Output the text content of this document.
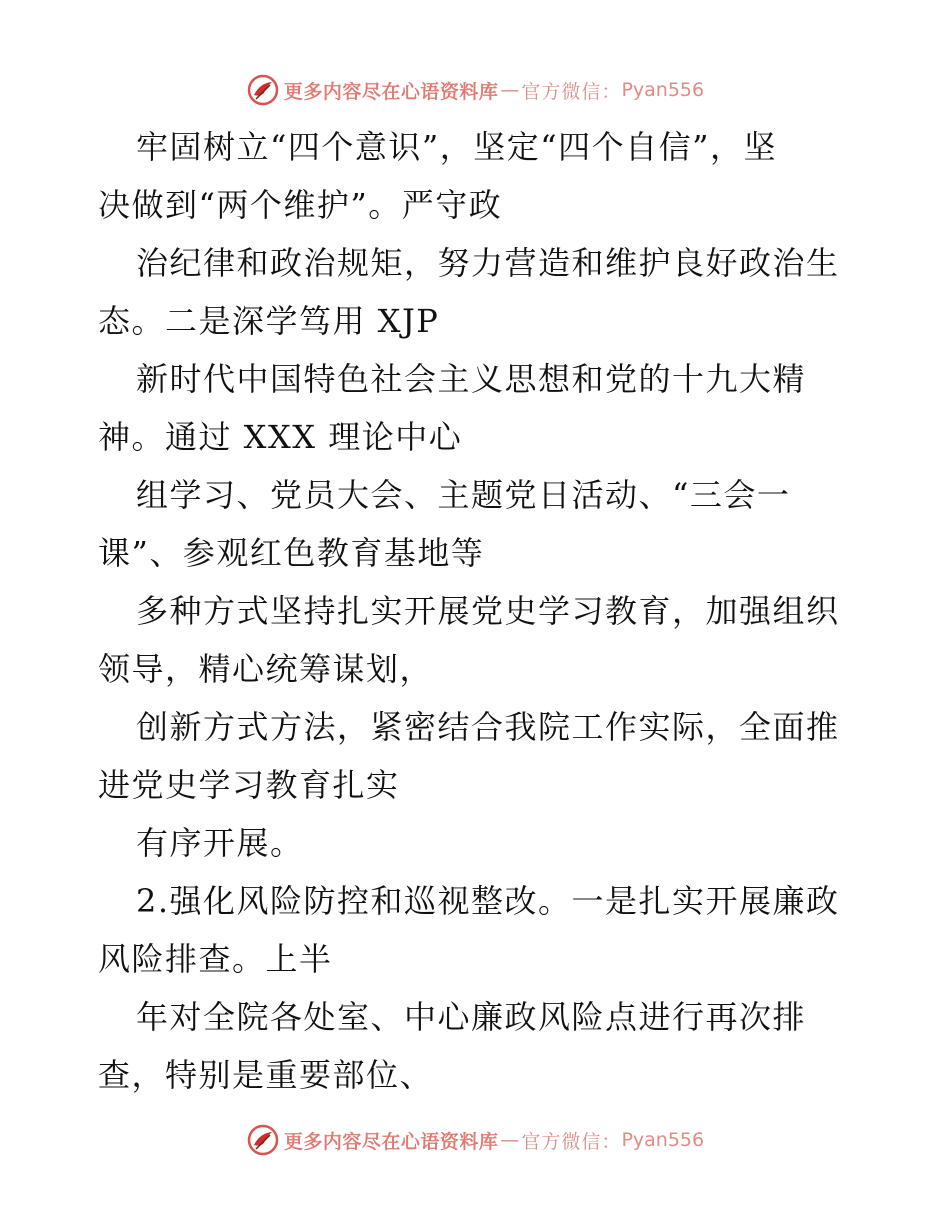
更多内容尽在心语资料库 — 官方微信： Pyan556
牢固树立“四个意识”，坚定“四个自信”，坚
决做到“两个维护”。严守政
治纪律和政治规矩，努力营造和维护良好政治生
态。二是深学笃用 XJP
新时代中国特色社会主义思想和党的十九大精
神。通过 XXX 理论中心
组学习、党员大会、主题党日活动、“三会一
课”、参观红色教育基地等
多种方式坚持扎实开展党史学习教育，加强组织
领导，精心统筹谋划，
创新方式方法，紧密结合我院工作实际，全面推
进党史学习教育扎实
有序开展。
2.强化风险防控和巡视整改。一是扎实开展廉政
风险排查。上半
年对全院各处室、中心廉政风险点进行再次排
查，特别是重要部位、
更多内容尽在心语资料库 — 官方微信： Pyan556
